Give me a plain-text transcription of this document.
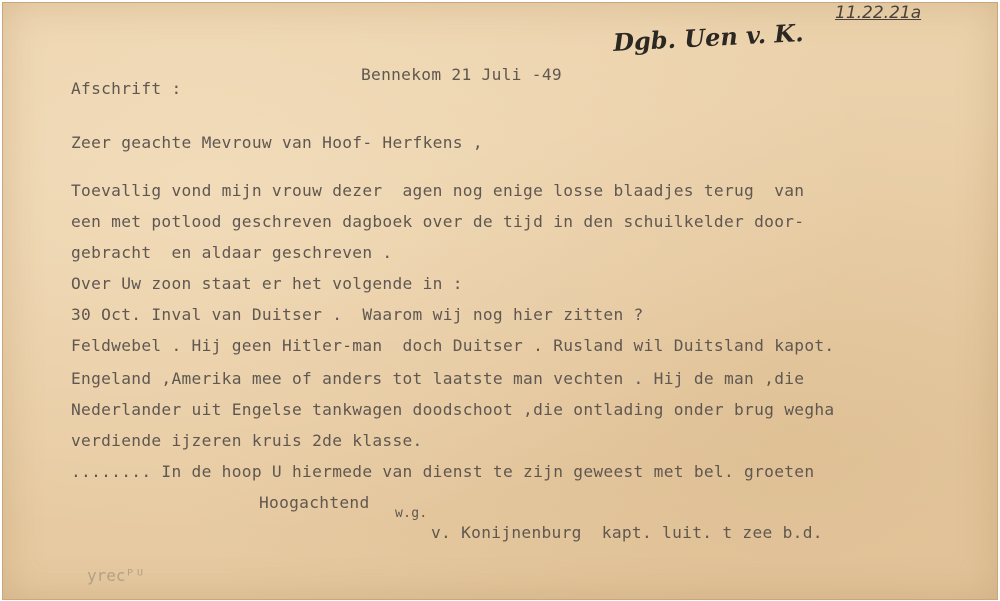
11.22.21a
Dgb. Uen v. K.
Afschrift :
Bennekom 21 Juli -49
Zeer geachte Mevrouw van Hoof- Herfkens ,
Toevallig vond mijn vrouw dezer  agen nog enige losse blaadjes terug  van
een met potlood geschreven dagboek over de tijd in den schuilkelder door-
gebracht  en aldaar geschreven .
Over Uw zoon staat er het volgende in :
30 Oct. Inval van Duitser .  Waarom wij nog hier zitten ?
Feldwebel . Hij geen Hitler-man  doch Duitser . Rusland wil Duitsland kapot.
Engeland ,Amerika mee of anders tot laatste man vechten . Hij de man ,die
Nederlander uit Engelse tankwagen doodschoot ,die ontlading onder brug wegha
verdiende ijzeren kruis 2de klasse.
........ In de hoop U hiermede van dienst te zijn geweest met bel. groeten
Hoogachtend
w.g.
v. Konijnenburg  kapt. luit. t zee b.d.
yrecᴾᵁ
